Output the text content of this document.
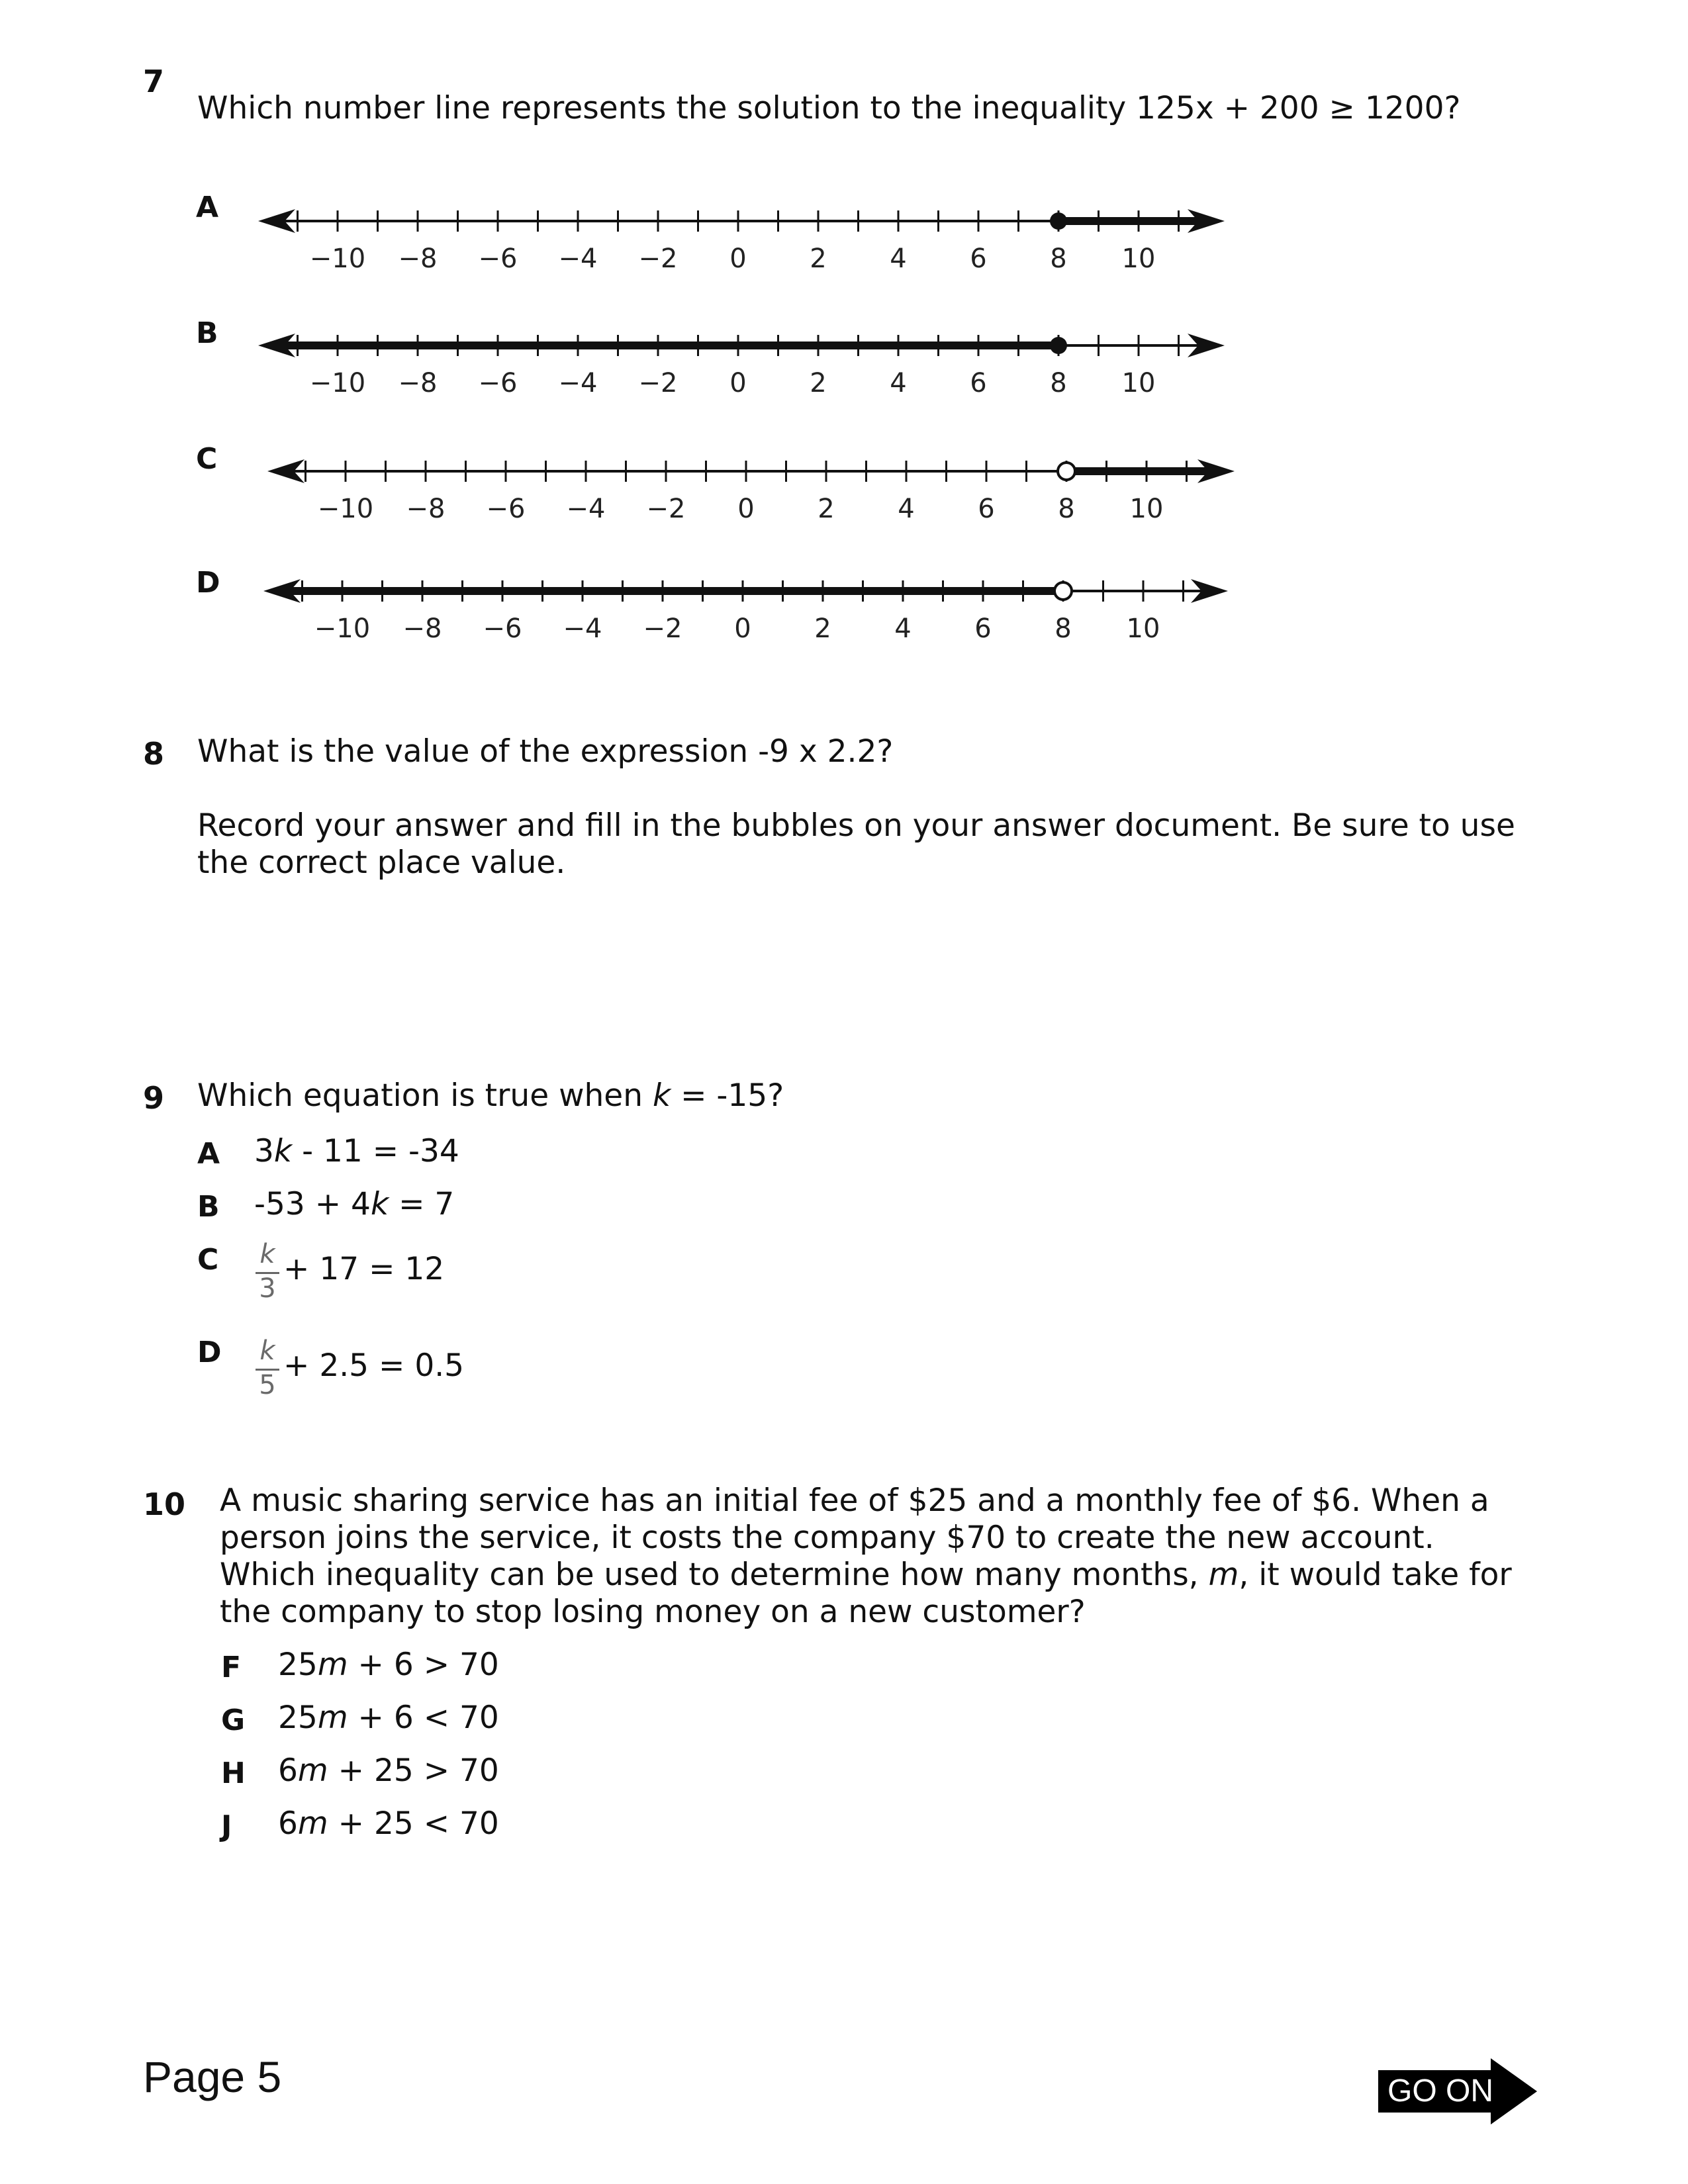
7
Which number line represents the solution to the inequality 125x + 200 ≥ 1200?
A
B
C
D
−10 −8 −6 −4 −2 0 2 4 6 8 10
−10 −8 −6 −4 −2 0 2 4 6 8 10
−10 −8 −6 −4 −2 0 2 4 6 8 10
−10 −8 −6 −4 −2 0 2 4 6 8 10
8 What is the value of the expression -9 x 2.2?
Record your answer and fill in the bubbles on your answer document. Be sure to use
the correct place value.
9 Which equation is true when k = -15?
A 3k - 11 = -34
B -53 + 4k = 7
C k
3
+ 17 = 12
D k
5
+ 2.5 = 0.5
10 A music sharing service has an initial fee of $25 and a monthly fee of $6. When a
person joins the service, it costs the company $70 to create the new account.
Which inequality can be used to determine how many months, m, it would take for
the company to stop losing money on a new customer?
F 25m + 6 > 70
G 25m + 6 < 70
H 6m + 25 > 70
J 6m + 25 < 70
Page 5	GO ON
